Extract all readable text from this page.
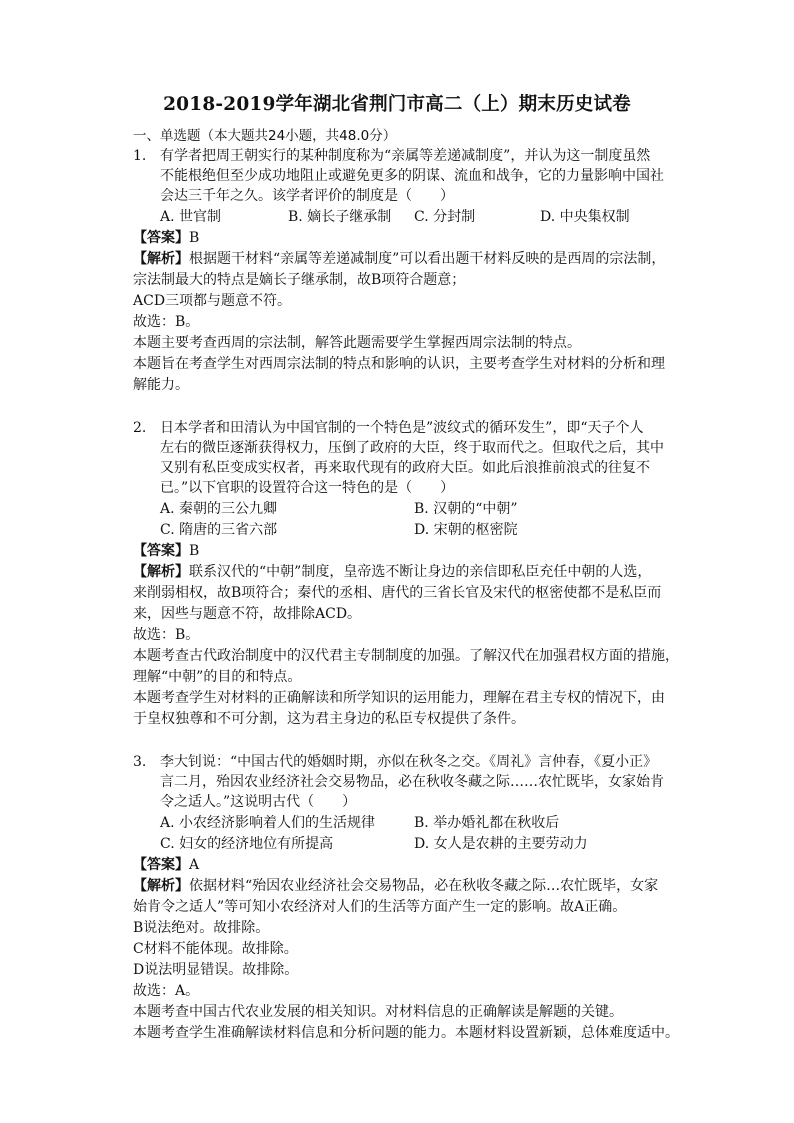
2018-2019学年湖北省荆门市高二（上）期末历史试卷
一、单选题（本大题共24小题，共48.0分）
1. 有学者把周王朝实行的某种制度称为“亲属等差递减制度”，并认为这一制度虽然
不能根绝但至少成功地阻止或避免更多的阴谋、流血和战争，它的力量影响中国社
会达三千年之久。该学者评价的制度是（　　）
A. 世官制	B. 嫡长子继承制 C. 分封制	D. 中央集权制
【答案】B
【解析】根据题干材料“亲属等差递减制度”可以看出题干材料反映的是西周的宗法制，
宗法制最大的特点是嫡长子继承制，故B项符合题意；
ACD三项都与题意不符。
故选：B。
本题主要考查西周的宗法制，解答此题需要学生掌握西周宗法制的特点。
本题旨在考查学生对西周宗法制的特点和影响的认识，主要考查学生对材料的分析和理
解能力。
2. 日本学者和田清认为中国官制的一个特色是”波纹式的循环发生”，即“天子个人
左右的微臣逐渐获得权力，压倒了政府的大臣，终于取而代之。但取代之后，其中
又别有私臣变成实权者，再来取代现有的政府大臣。如此后浪推前浪式的往复不
已。”以下官职的设置符合这一特色的是（　　）
A. 秦朝的三公九卿	B. 汉朝的“中朝”
C. 隋唐的三省六部	D. 宋朝的枢密院
【答案】B
【解析】联系汉代的“中朝”制度，皇帝选不断让身边的亲信即私臣充任中朝的人选，
来削弱相权，故B项符合；秦代的丞相、唐代的三省长官及宋代的枢密使都不是私臣而
来，因些与题意不符，故排除ACD。
故选：B。
本题考查古代政治制度中的汉代君主专制制度的加强。了解汉代在加强君权方面的措施，
理解“中朝”的目的和特点。
本题考查学生对材料的正确解读和所学知识的运用能力，理解在君主专权的情况下，由
于皇权独尊和不可分割，这为君主身边的私臣专权提供了条件。
3. 李大钊说：“中国古代的婚姻时期，亦似在秋冬之交。《周礼》言仲春，《夏小正》
言二月，殆因农业经济社会交易物品，必在秋收冬藏之际……农忙既毕，女家始肯
令之适人。”这说明古代（　　）
A. 小农经济影响着人们的生活规律	B. 举办婚礼都在秋收后
C. 妇女的经济地位有所提高	D. 女人是农耕的主要劳动力
【答案】A
【解析】依据材料“殆因农业经济社会交易物品，必在秋收冬藏之际…农忙既毕，女家
始肯令之适人”等可知小农经济对人们的生活等方面产生一定的影响。故A正确。
B说法绝对。故排除。
C材料不能体现。故排除。
D说法明显错误。故排除。
故选：A。
本题考查中国古代农业发展的相关知识。对材料信息的正确解读是解题的关键。
本题考查学生准确解读材料信息和分析问题的能力。本题材料设置新颖，总体难度适中。
